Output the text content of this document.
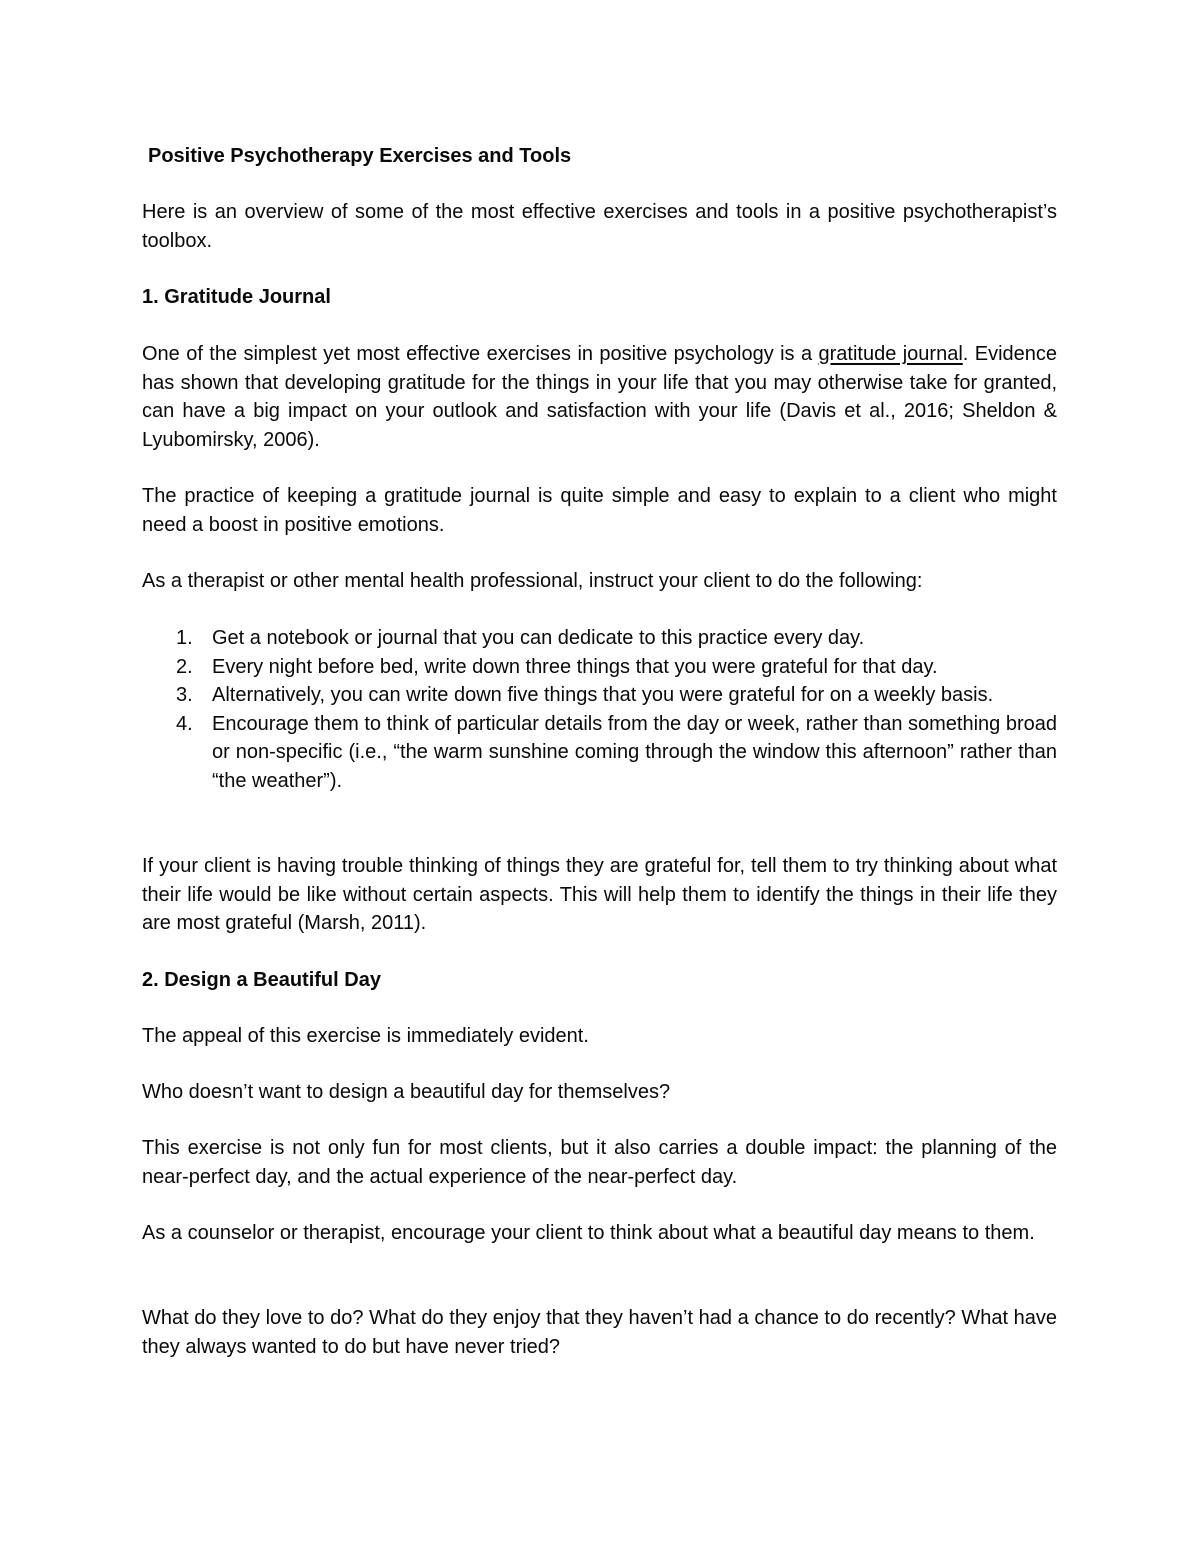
Positive Psychotherapy Exercises and Tools

Here is an overview of some of the most effective exercises and tools in a positive psychotherapist’s toolbox.

1. Gratitude Journal

One of the simplest yet most effective exercises in positive psychology is a gratitude journal. Evidence has shown that developing gratitude for the things in your life that you may otherwise take for granted, can have a big impact on your outlook and satisfaction with your life (Davis et al., 2016; Sheldon & Lyubomirsky, 2006).

The practice of keeping a gratitude journal is quite simple and easy to explain to a client who might need a boost in positive emotions.

As a therapist or other mental health professional, instruct your client to do the following:

1. Get a notebook or journal that you can dedicate to this practice every day.
2. Every night before bed, write down three things that you were grateful for that day.
3. Alternatively, you can write down five things that you were grateful for on a weekly basis.
4. Encourage them to think of particular details from the day or week, rather than something broad or non-specific (i.e., “the warm sunshine coming through the window this afternoon” rather than “the weather”).

If your client is having trouble thinking of things they are grateful for, tell them to try thinking about what their life would be like without certain aspects. This will help them to identify the things in their life they are most grateful (Marsh, 2011).

2. Design a Beautiful Day

The appeal of this exercise is immediately evident.

Who doesn’t want to design a beautiful day for themselves?

This exercise is not only fun for most clients, but it also carries a double impact: the planning of the near-perfect day, and the actual experience of the near-perfect day.

As a counselor or therapist, encourage your client to think about what a beautiful day means to them.

What do they love to do? What do they enjoy that they haven’t had a chance to do recently? What have they always wanted to do but have never tried?
